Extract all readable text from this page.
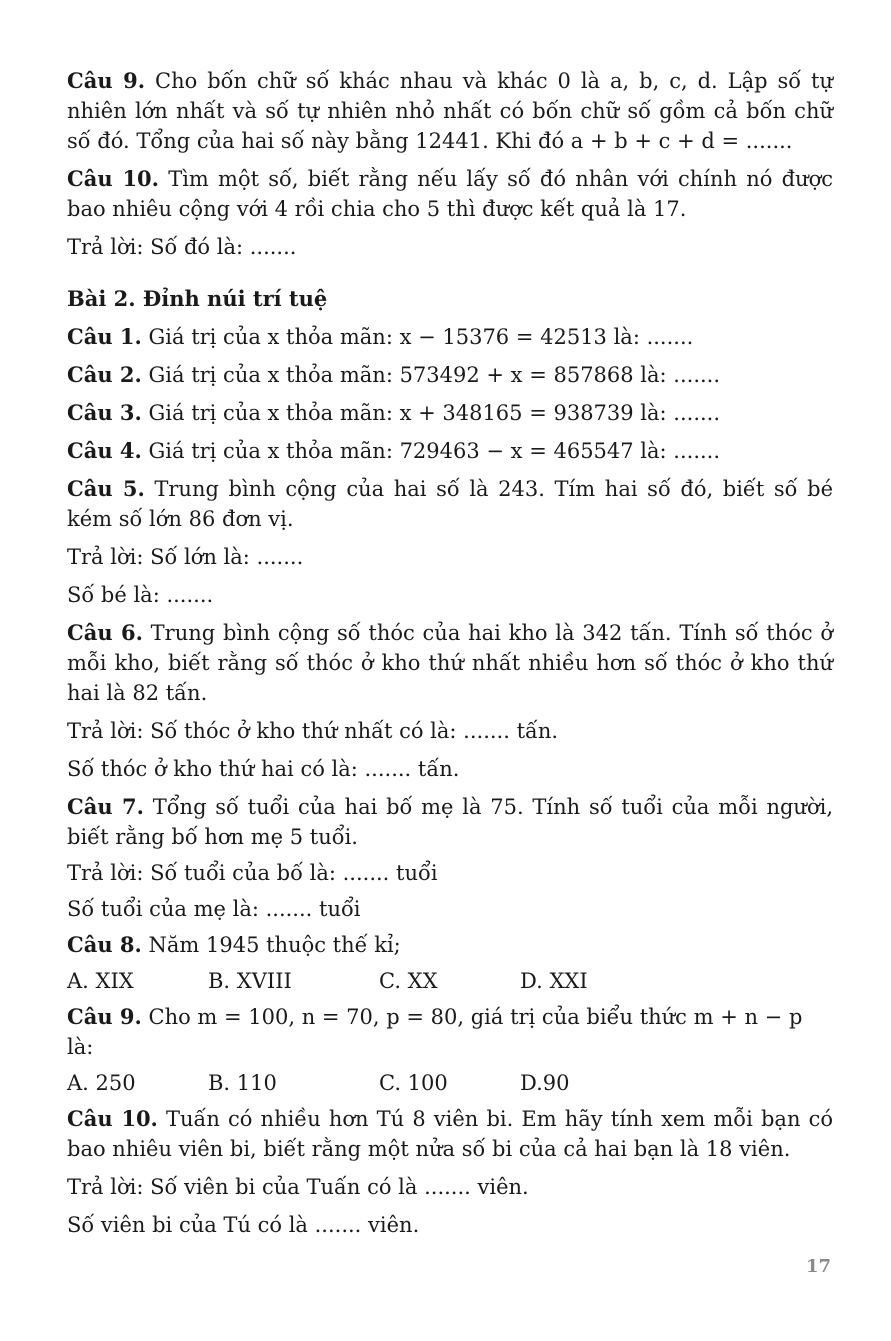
Câu 9. Cho bốn chữ số khác nhau và khác 0 là a, b, c, d. Lập số tự nhiên lớn nhất và số tự nhiên nhỏ nhất có bốn chữ số gồm cả bốn chữ số đó. Tổng của hai số này bằng 12441. Khi đó a + b + c + d = .......

Câu 10. Tìm một số, biết rằng nếu lấy số đó nhân với chính nó được bao nhiêu cộng với 4 rồi chia cho 5 thì được kết quả là 17.

Trả lời: Số đó là: .......

Bài 2. Đỉnh núi trí tuệ

Câu 1. Giá trị của x thỏa mãn: x − 15376 = 42513 là: .......

Câu 2. Giá trị của x thỏa mãn: 573492 + x = 857868 là: .......

Câu 3. Giá trị của x thỏa mãn: x + 348165 = 938739 là: .......

Câu 4. Giá trị của x thỏa mãn: 729463 − x = 465547 là: .......

Câu 5. Trung bình cộng của hai số là 243. Tím hai số đó, biết số bé kém số lớn 86 đơn vị.

Trả lời: Số lớn là: .......

Số bé là: .......

Câu 6. Trung bình cộng số thóc của hai kho là 342 tấn. Tính số thóc ở mỗi kho, biết rằng số thóc ở kho thứ nhất nhiều hơn số thóc ở kho thứ hai là 82 tấn.

Trả lời: Số thóc ở kho thứ nhất có là: ....... tấn.

Số thóc ở kho thứ hai có là: ....... tấn.

Câu 7. Tổng số tuổi của hai bố mẹ là 75. Tính số tuổi của mỗi người, biết rằng bố hơn mẹ 5 tuổi.

Trả lời: Số tuổi của bố là: ....... tuổi

Số tuổi của mẹ là: ....... tuổi

Câu 8. Năm 1945 thuộc thế kỉ;

A. XIX	B. XVIII	C. XX	D. XXI

Câu 9. Cho m = 100, n = 70, p = 80, giá trị của biểu thức m + n − p là:

A. 250	B. 110	C. 100	D.90

Câu 10. Tuấn có nhiều hơn Tú 8 viên bi. Em hãy tính xem mỗi bạn có bao nhiêu viên bi, biết rằng một nửa số bi của cả hai bạn là 18 viên.

Trả lời: Số viên bi của Tuấn có là ....... viên.

Số viên bi của Tú có là ....... viên.

17
